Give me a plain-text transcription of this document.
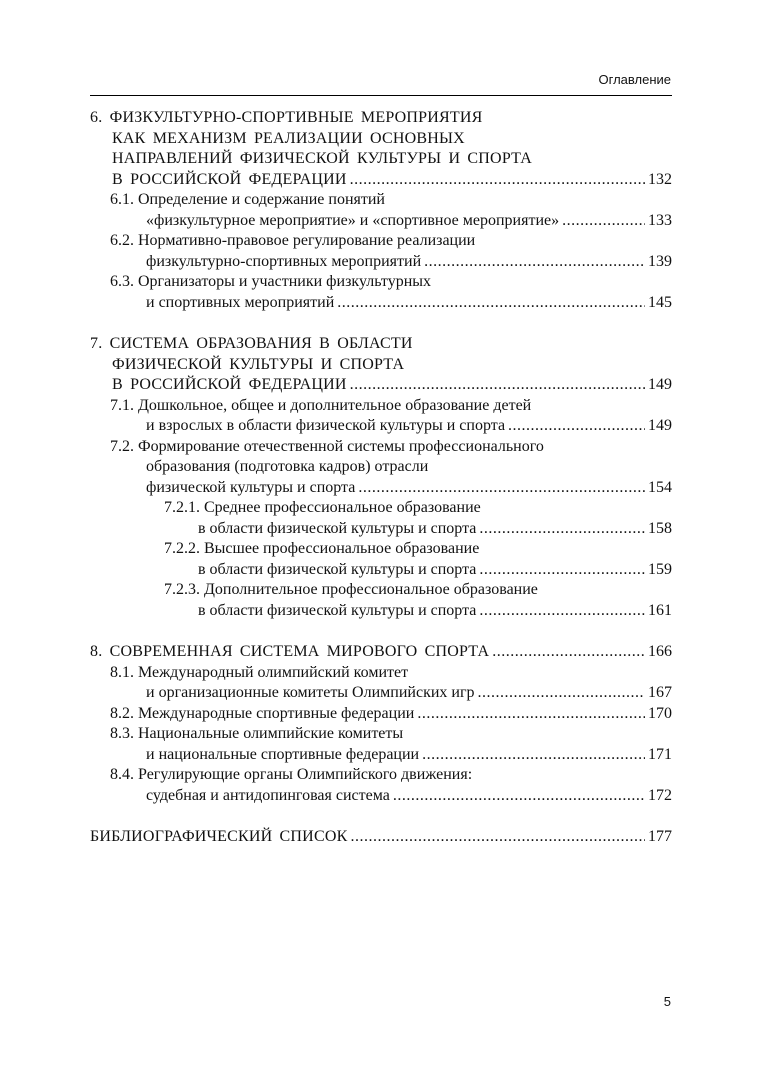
Оглавление
6. ФИЗКУЛЬТУРНО-СПОРТИВНЫЕ МЕРОПРИЯТИЯ
КАК МЕХАНИЗМ РЕАЛИЗАЦИИ ОСНОВНЫХ
НАПРАВЛЕНИЙ ФИЗИЧЕСКОЙ КУЛЬТУРЫ И СПОРТА
В РОССИЙСКОЙ ФЕДЕРАЦИИ .....	132
6.1. Определение и содержание понятий
«физкультурное мероприятие» и «спортивное мероприятие» .....	133
6.2. Нормативно-правовое регулирование реализации
физкультурно-спортивных мероприятий .....	139
6.3. Организаторы и участники физкультурных
и спортивных мероприятий .....	145
7. СИСТЕМА ОБРАЗОВАНИЯ В ОБЛАСТИ
ФИЗИЧЕСКОЙ КУЛЬТУРЫ И СПОРТА
В РОССИЙСКОЙ ФЕДЕРАЦИИ .....	149
7.1. Дошкольное, общее и дополнительное образование детей
и взрослых в области физической культуры и спорта .....	149
7.2. Формирование отечественной системы профессионального
образования (подготовка кадров) отрасли
физической культуры и спорта .....	154
7.2.1. Среднее профессиональное образование
в области физической культуры и спорта .....	158
7.2.2. Высшее профессиональное образование
в области физической культуры и спорта .....	159
7.2.3. Дополнительное профессиональное образование
в области физической культуры и спорта .....	161
8. СОВРЕМЕННАЯ СИСТЕМА МИРОВОГО СПОРТА .....	166
8.1. Международный олимпийский комитет
и организационные комитеты Олимпийских игр .....	167
8.2. Международные спортивные федерации .....	170
8.3. Национальные олимпийские комитеты
и национальные спортивные федерации .....	171
8.4. Регулирующие органы Олимпийского движения:
судебная и антидопинговая система .....	172
БИБЛИОГРАФИЧЕСКИЙ СПИСОК .....	177
5
